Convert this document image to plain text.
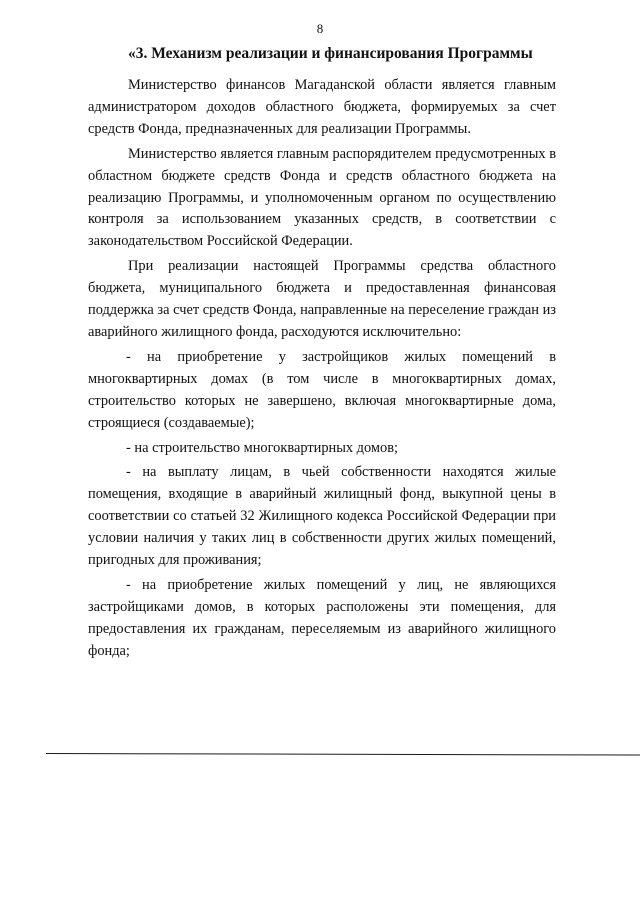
8
«3. Механизм реализации и финансирования Программы

Министерство финансов Магаданской области является главным администратором доходов областного бюджета, формируемых за счет средств Фонда, предназначенных для реализации Программы.

Министерство является главным распорядителем предусмотренных в областном бюджете средств Фонда и средств областного бюджета на реализацию Программы, и уполномоченным органом по осуществлению контроля за использованием указанных средств, в соответствии с законодательством Российской Федерации.

При реализации настоящей Программы средства областного бюджета, муниципального бюджета и предоставленная финансовая поддержка за счет средств Фонда, направленные на переселение граждан из аварийного жилищного фонда, расходуются исключительно:

- на приобретение у застройщиков жилых помещений в многоквартирных домах (в том числе в многоквартирных домах, строительство которых не завершено, включая многоквартирные дома, строящиеся (создаваемые);

- на строительство многоквартирных домов;

- на выплату лицам, в чьей собственности находятся жилые помещения, входящие в аварийный жилищный фонд, выкупной цены в соответствии со статьей 32 Жилищного кодекса Российской Федерации при условии наличия у таких лиц в собственности других жилых помещений, пригодных для проживания;

- на приобретение жилых помещений у лиц, не являющихся застройщиками домов, в которых расположены эти помещения, для предоставления их гражданам, переселяемым из аварийного жилищного фонда;
